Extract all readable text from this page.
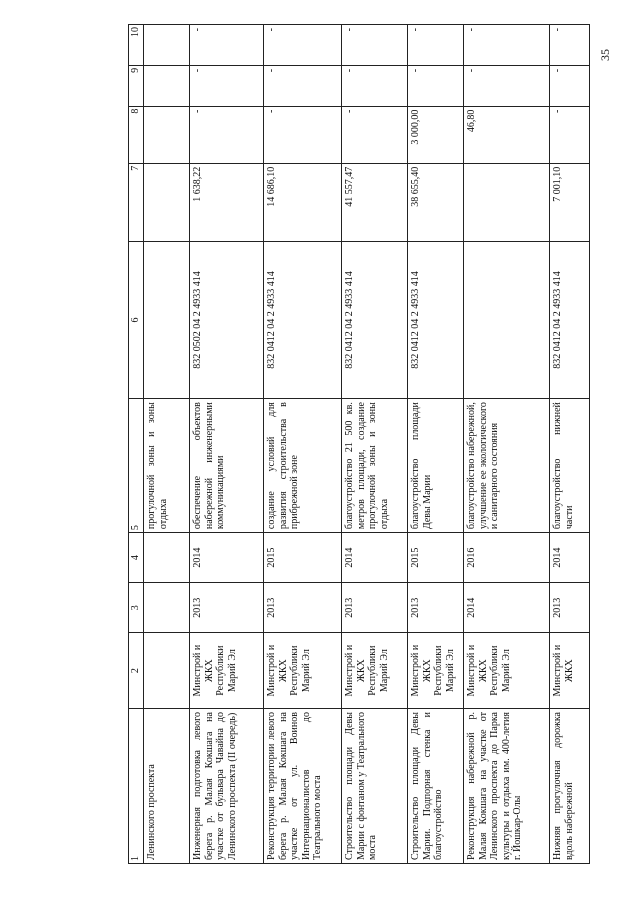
35
1	2	3	4	5	6	7	8	9	10
Ленинского проспекта				прогулочной зоны и зоны отдыха					
Инженерная подготовка левого берега р. Малая Кокшага на участке от бульвара Чавайна до Ленинского проспекта (II очередь)	Минстрой и ЖКХ Республики Марий Эл	2013	2014	обеспечение объектов набережной инженерными коммуникациями	832 0502 04 2 4933 414	1 638,22	-	-	-
Реконструкция территории левого берега р. Малая Кокшага на участке от ул. Воинов Интернационалистов до Театрального моста	Минстрой и ЖКХ Республики Марий Эл	2013	2015	создание условий для развития строительства в прибрежной зоне	832 0412 04 2 4933 414	14 686,10	-	-	-
Строительство площади Девы Марии с фонтаном у Театрального моста	Минстрой и ЖКХ Республики Марий Эл	2013	2014	благоустройство 21 500 кв. метров площади, создание прогулочной зоны и зоны отдыха	832 0412 04 2 4933 414	41 557,47	-	-	-
Строительство площади Девы Марии. Подпорная стенка и благоустройство	Минстрой и ЖКХ Республики Марий Эл	2013	2015	благоустройство площади Девы Марии	832 0412 04 2 4933 414	38 655,40	3 000,00	-	-
Реконструкция набережной р. Малая Кокшага на участке от Ленинского проспекта до Парка культуры и отдыха им. 400-летия г. Йошкар-Олы	Минстрой и ЖКХ Республики Марий Эл	2014	2016	благоустройство набережной, улучшение ее экологического и санитарного состояния			46,80	-	-
Нижняя прогулочная дорожка вдоль набережной	Минстрой и ЖКХ	2013	2014	благоустройство нижней части	832 0412 04 2 4933 414	7 001,10	-	-	-
